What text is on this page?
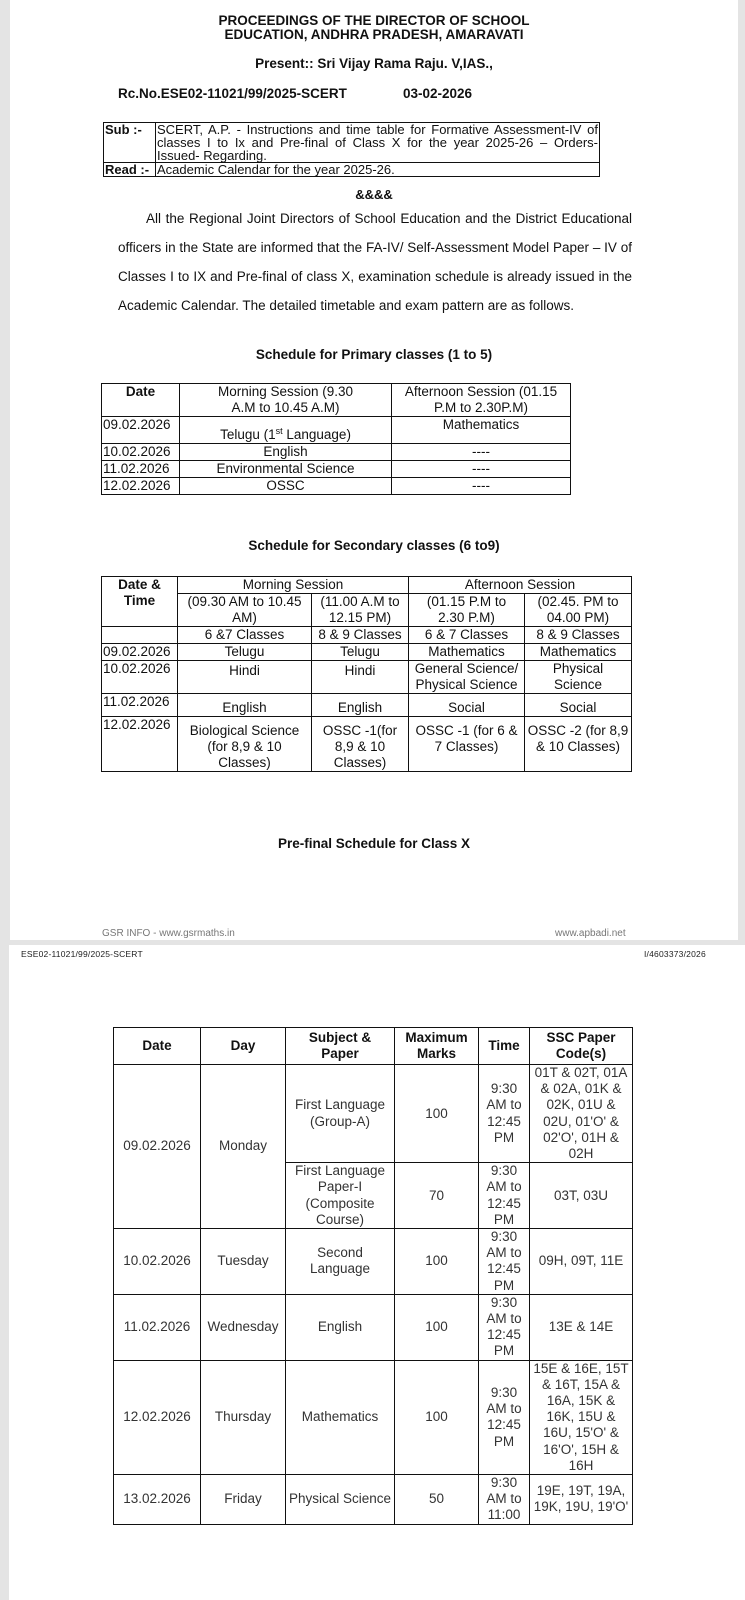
PROCEEDINGS OF THE DIRECTOR OF SCHOOL
EDUCATION, ANDHRA PRADESH, AMARAVATI
Present:: Sri Vijay Rama Raju. V,IAS.,
Rc.No.ESE02-11021/99/2025-SCERT	03-02-2026
Sub :-	SCERT, A.P. - Instructions and time table for Formative Assessment-IV of classes I to Ix and Pre-final of Class X for the year 2025-26 – Orders- Issued- Regarding.
Read :-	Academic Calendar for the year 2025-26.
&&&&
All the Regional Joint Directors of School Education and the District Educational officers in the State are informed that the FA-IV/ Self-Assessment Model Paper – IV of Classes I to IX and Pre-final of class X, examination schedule is already issued in the Academic Calendar. The detailed timetable and exam pattern are as follows.
Schedule for Primary classes (1 to 5)
Date	Morning Session (9.30 A.M to 10.45 A.M)	Afternoon Session (01.15 P.M to 2.30P.M)
09.02.2026	Telugu (1st Language)	Mathematics
10.02.2026	English	----
11.02.2026	Environmental Science	----
12.02.2026	OSSC	----
Schedule for Secondary classes (6 to9)
Date & Time	Morning Session		Afternoon Session	
	(09.30 AM to 10.45 AM)	(11.00 A.M to 12.15 PM)	(01.15 P.M to 2.30 P.M)	(02.45. PM to 04.00 PM)
	6 &7 Classes	8 & 9 Classes	6 & 7 Classes	8 & 9 Classes
09.02.2026	Telugu	Telugu	Mathematics	Mathematics
10.02.2026	Hindi	Hindi	General Science/ Physical Science	Physical Science
11.02.2026	English	English	Social	Social
12.02.2026	Biological Science (for 8,9 & 10 Classes)	OSSC -1(for 8,9 & 10 Classes)	OSSC -1 (for 6 & 7 Classes)	OSSC -2 (for 8,9 & 10 Classes)
Pre-final Schedule for Class X
GSR INFO - www.gsrmaths.in	www.apbadi.net
ESE02-11021/99/2025-SCERT	I/4603373/2026
Date	Day	Subject & Paper	Maximum Marks	Time	SSC Paper Code(s)
09.02.2026	Monday	First Language (Group-A)	100	9:30 AM to 12:45 PM	01T & 02T, 01A & 02A, 01K & 02K, 01U & 02U, 01'O' & 02'O', 01H & 02H
		First Language Paper-I (Composite Course)	70	9:30 AM to 12:45 PM	03T, 03U
10.02.2026	Tuesday	Second Language	100	9:30 AM to 12:45 PM	09H, 09T, 11E
11.02.2026	Wednesday	English	100	9:30 AM to 12:45 PM	13E & 14E
12.02.2026	Thursday	Mathematics	100	9:30 AM to 12:45 PM	15E & 16E, 15T & 16T, 15A & 16A, 15K & 16K, 15U & 16U, 15'O' & 16'O', 15H & 16H
13.02.2026	Friday	Physical Science	50	9:30 AM to 11:00	19E, 19T, 19A, 19K, 19U, 19'O'
